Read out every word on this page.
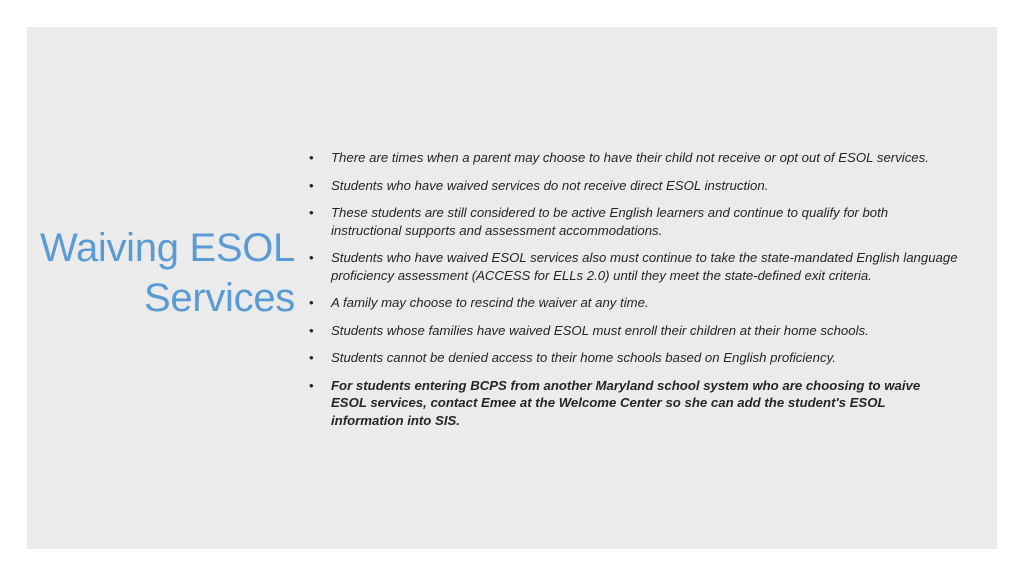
Waiving ESOL
Services
•	There are times when a parent may choose to have their child not receive or opt out of ESOL services.
•	Students who have waived services do not receive direct ESOL instruction.
•	These students are still considered to be active English learners and continue to qualify for both instructional supports and assessment accommodations.
•	Students who have waived ESOL services also must continue to take the state-mandated English language proficiency assessment (ACCESS for ELLs 2.0) until they meet the state-defined exit criteria.
•	A family may choose to rescind the waiver at any time.
•	Students whose families have waived ESOL must enroll their children at their home schools.
•	Students cannot be denied access to their home schools based on English proficiency.
•	For students entering BCPS from another Maryland school system who are choosing to waive ESOL services, contact Emee at the Welcome Center so she can add the student's ESOL information into SIS.
